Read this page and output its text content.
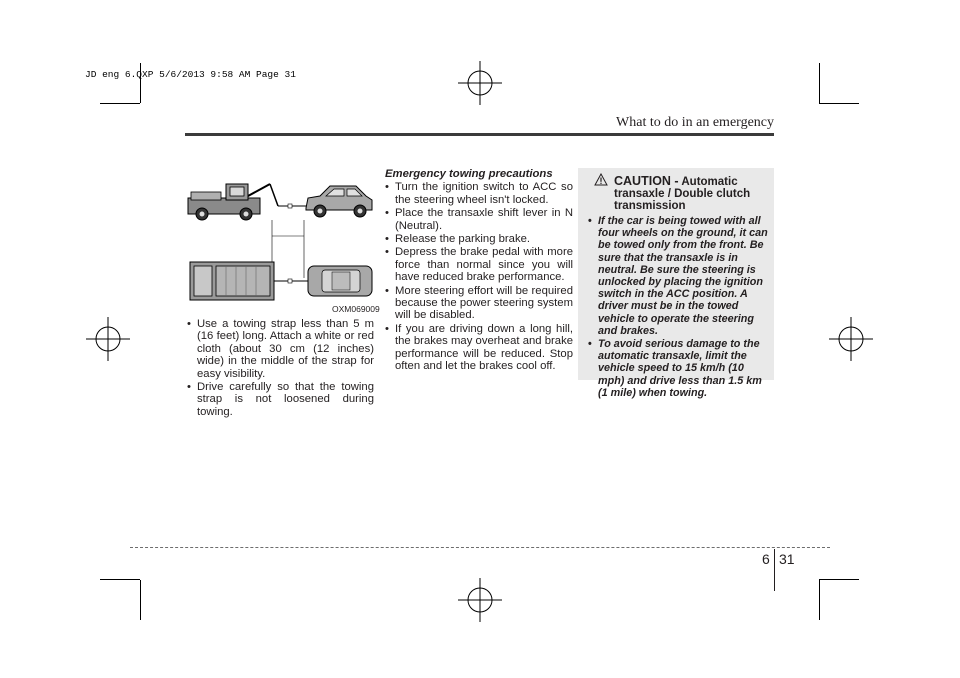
JD eng 6.QXP 5/6/2013 9:58 AM Page 31
What to do in an emergency
OXM069009
• Use a towing strap less than 5 m (16 feet) long. Attach a white or red cloth (about 30 cm (12 inches) wide) in the middle of the strap for easy visibility.
• Drive carefully so that the towing strap is not loosened during towing.
Emergency towing precautions
• Turn the ignition switch to ACC so the steering wheel isn't locked.
• Place the transaxle shift lever in N (Neutral).
• Release the parking brake.
• Depress the brake pedal with more force than normal since you will have reduced brake performance.
• More steering effort will be required because the power steering system will be disabled.
• If you are driving down a long hill, the brakes may overheat and brake performance will be reduced. Stop often and let the brakes cool off.
CAUTION - Automatic transaxle / Double clutch transmission
• If the car is being towed with all four wheels on the ground, it can be towed only from the front. Be sure that the transaxle is in neutral. Be sure the steering is unlocked by placing the ignition switch in the ACC position. A driver must be in the towed vehicle to operate the steering and brakes.
• To avoid serious damage to the automatic transaxle, limit the vehicle speed to 15 km/h (10 mph) and drive less than 1.5 km (1 mile) when towing.
6 31
